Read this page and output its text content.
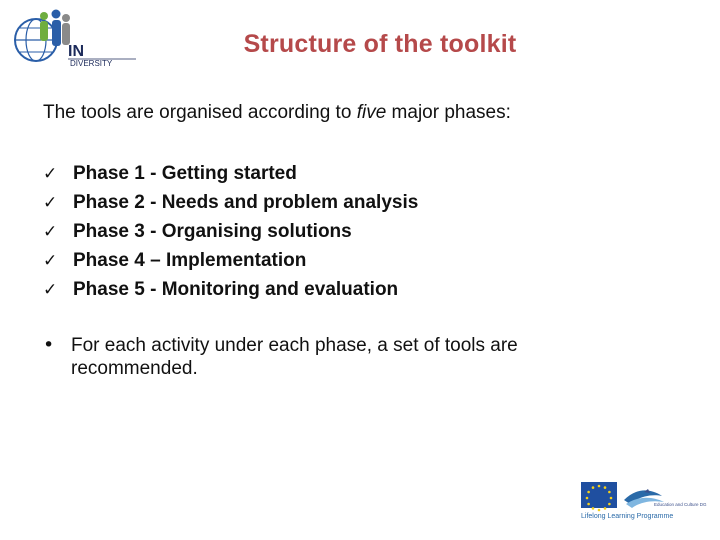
IN
DIVERSITY
Structure of the toolkit
The tools are organised according to five major phases:
✓ Phase 1 - Getting started
✓ Phase 2 - Needs and problem analysis
✓ Phase 3 - Organising solutions
✓ Phase 4 – Implementation
✓ Phase 5 - Monitoring and evaluation
• For each activity under each phase, a set of tools are recommended.
Education and Culture DG
Lifelong Learning Programme
